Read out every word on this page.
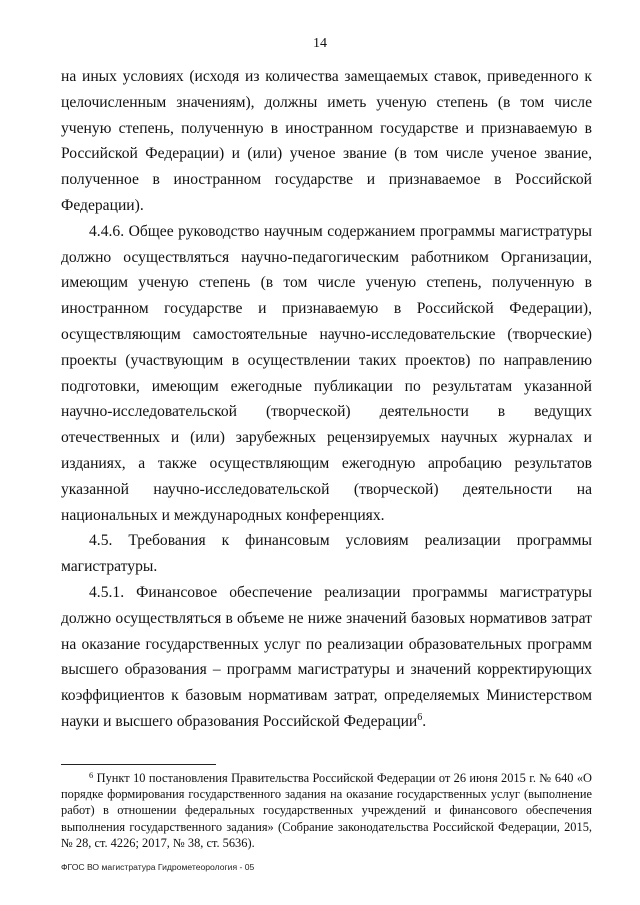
14

на иных условиях (исходя из количества замещаемых ставок, приведенного к целочисленным значениям), должны иметь ученую степень (в том числе ученую степень, полученную в иностранном государстве и признаваемую в Российской Федерации) и (или) ученое звание (в том числе ученое звание, полученное в иностранном государстве и признаваемое в Российской Федерации).

4.4.6. Общее руководство научным содержанием программы магистратуры должно осуществляться научно-педагогическим работником Организации, имеющим ученую степень (в том числе ученую степень, полученную в иностранном государстве и признаваемую в Российской Федерации), осуществляющим самостоятельные научно-исследовательские (творческие) проекты (участвующим в осуществлении таких проектов) по направлению подготовки, имеющим ежегодные публикации по результатам указанной научно-исследовательской (творческой) деятельности в ведущих отечественных и (или) зарубежных рецензируемых научных журналах и изданиях, а также осуществляющим ежегодную апробацию результатов указанной научно-исследовательской (творческой) деятельности на национальных и международных конференциях.

4.5. Требования к финансовым условиям реализации программы магистратуры.

4.5.1. Финансовое обеспечение реализации программы магистратуры должно осуществляться в объеме не ниже значений базовых нормативов затрат на оказание государственных услуг по реализации образовательных программ высшего образования – программ магистратуры и значений корректирующих коэффициентов к базовым нормативам затрат, определяемых Министерством науки и высшего образования Российской Федерации$^6$.

$^6$ Пункт 10 постановления Правительства Российской Федерации от 26 июня 2015 г. № 640 «О порядке формирования государственного задания на оказание государственных услуг (выполнение работ) в отношении федеральных государственных учреждений и финансового обеспечения выполнения государственного задания» (Собрание законодательства Российской Федерации, 2015, № 28, ст. 4226; 2017, № 38, ст. 5636).

ФГОС ВО магистратура Гидрометеорология - 05
